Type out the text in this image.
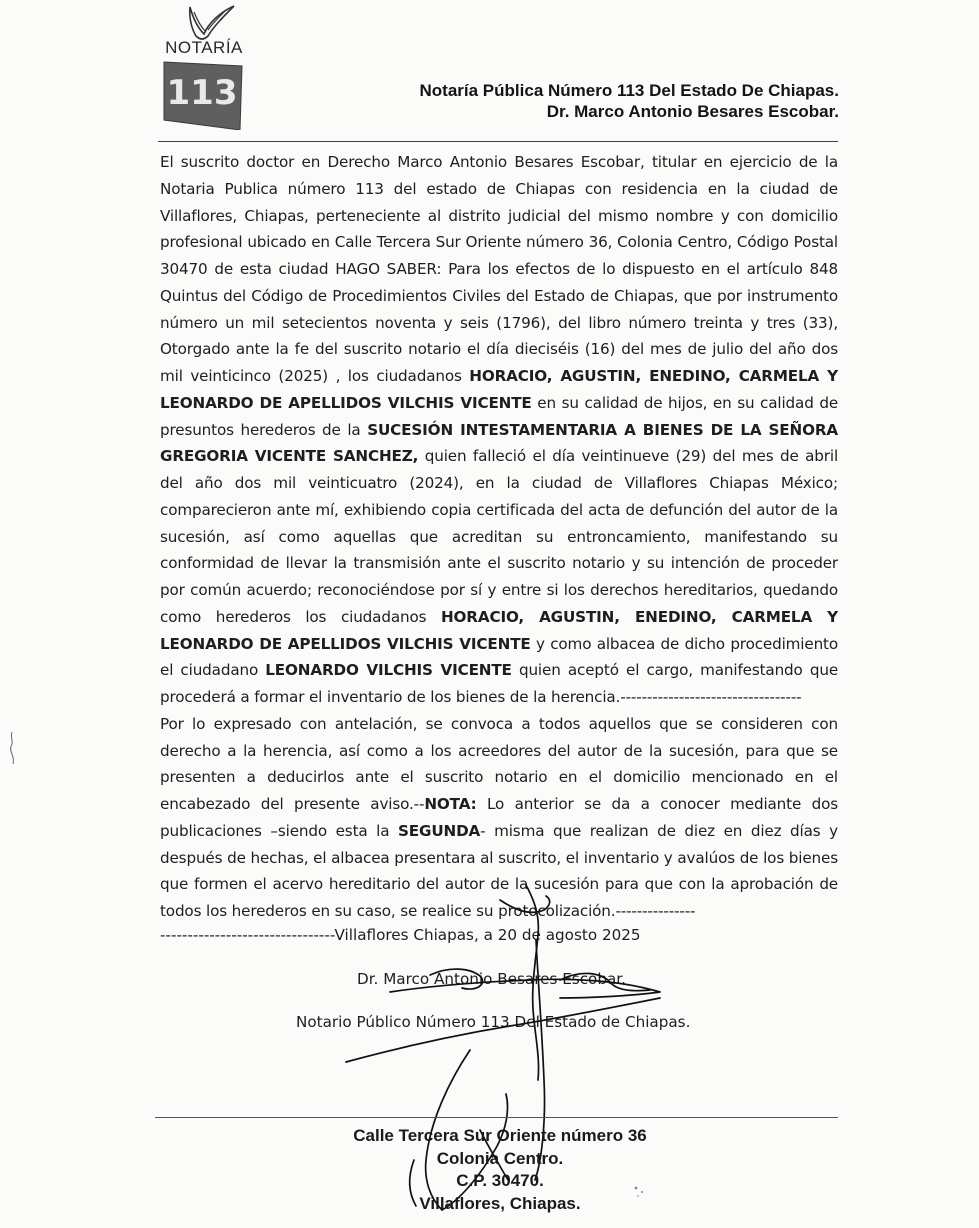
NOTARÍA
113	Notaría Pública Número 113 Del Estado De Chiapas.
Dr. Marco Antonio Besares Escobar.
El suscrito doctor en Derecho Marco Antonio Besares Escobar, titular en ejercicio de la Notaria Publica número 113 del estado de Chiapas con residencia en la ciudad de Villaflores, Chiapas, perteneciente al distrito judicial del mismo nombre y con domicilio profesional ubicado en Calle Tercera Sur Oriente número 36, Colonia Centro, Código Postal 30470 de esta ciudad HAGO SABER: Para los efectos de lo dispuesto en el artículo 848 Quintus del Código de Procedimientos Civiles del Estado de Chiapas, que por instrumento número un mil setecientos noventa y seis (1796), del libro número treinta y tres (33), Otorgado ante la fe del suscrito notario el día dieciséis (16) del mes de julio del año dos mil veinticinco (2025) , los ciudadanos HORACIO, AGUSTIN, ENEDINO, CARMELA Y LEONARDO DE APELLIDOS VILCHIS VICENTE en su calidad de hijos, en su calidad de presuntos herederos de la SUCESIÓN INTESTAMENTARIA A BIENES DE LA SEÑORA GREGORIA VICENTE SANCHEZ, quien falleció el día veintinueve (29) del mes de abril del año dos mil veinticuatro (2024), en la ciudad de Villaflores Chiapas México; comparecieron ante mí, exhibiendo copia certificada del acta de defunción del autor de la sucesión, así como aquellas que acreditan su entroncamiento, manifestando su conformidad de llevar la transmisión ante el suscrito notario y su intención de proceder por común acuerdo; reconociéndose por sí y entre si los derechos hereditarios, quedando como herederos los ciudadanos HORACIO, AGUSTIN, ENEDINO, CARMELA Y LEONARDO DE APELLIDOS VILCHIS VICENTE y como albacea de dicho procedimiento el ciudadano LEONARDO VILCHIS VICENTE quien aceptó el cargo, manifestando que procederá a formar el inventario de los bienes de la herencia.----------------------------------
Por lo expresado con antelación, se convoca a todos aquellos que se consideren con derecho a la herencia, así como a los acreedores del autor de la sucesión, para que se presenten a deducirlos ante el suscrito notario en el domicilio mencionado en el encabezado del presente aviso.--NOTA: Lo anterior se da a conocer mediante dos publicaciones –siendo esta la SEGUNDA- misma que realizan de diez en diez días y después de hechas, el albacea presentara al suscrito, el inventario y avalúos de los bienes que formen el acervo hereditario del autor de la sucesión para que con la aprobación de todos los herederos en su caso, se realice su protocolización.---------------
--------------------------------Villaflores Chiapas, a 20 de agosto 2025
Dr. Marco Antonio Besares Escobar.
Notario Público Número 113 Del Estado de Chiapas.
Calle Tercera Sur Oriente número 36
Colonia Centro.
C.P. 30470.
Villaflores, Chiapas.
